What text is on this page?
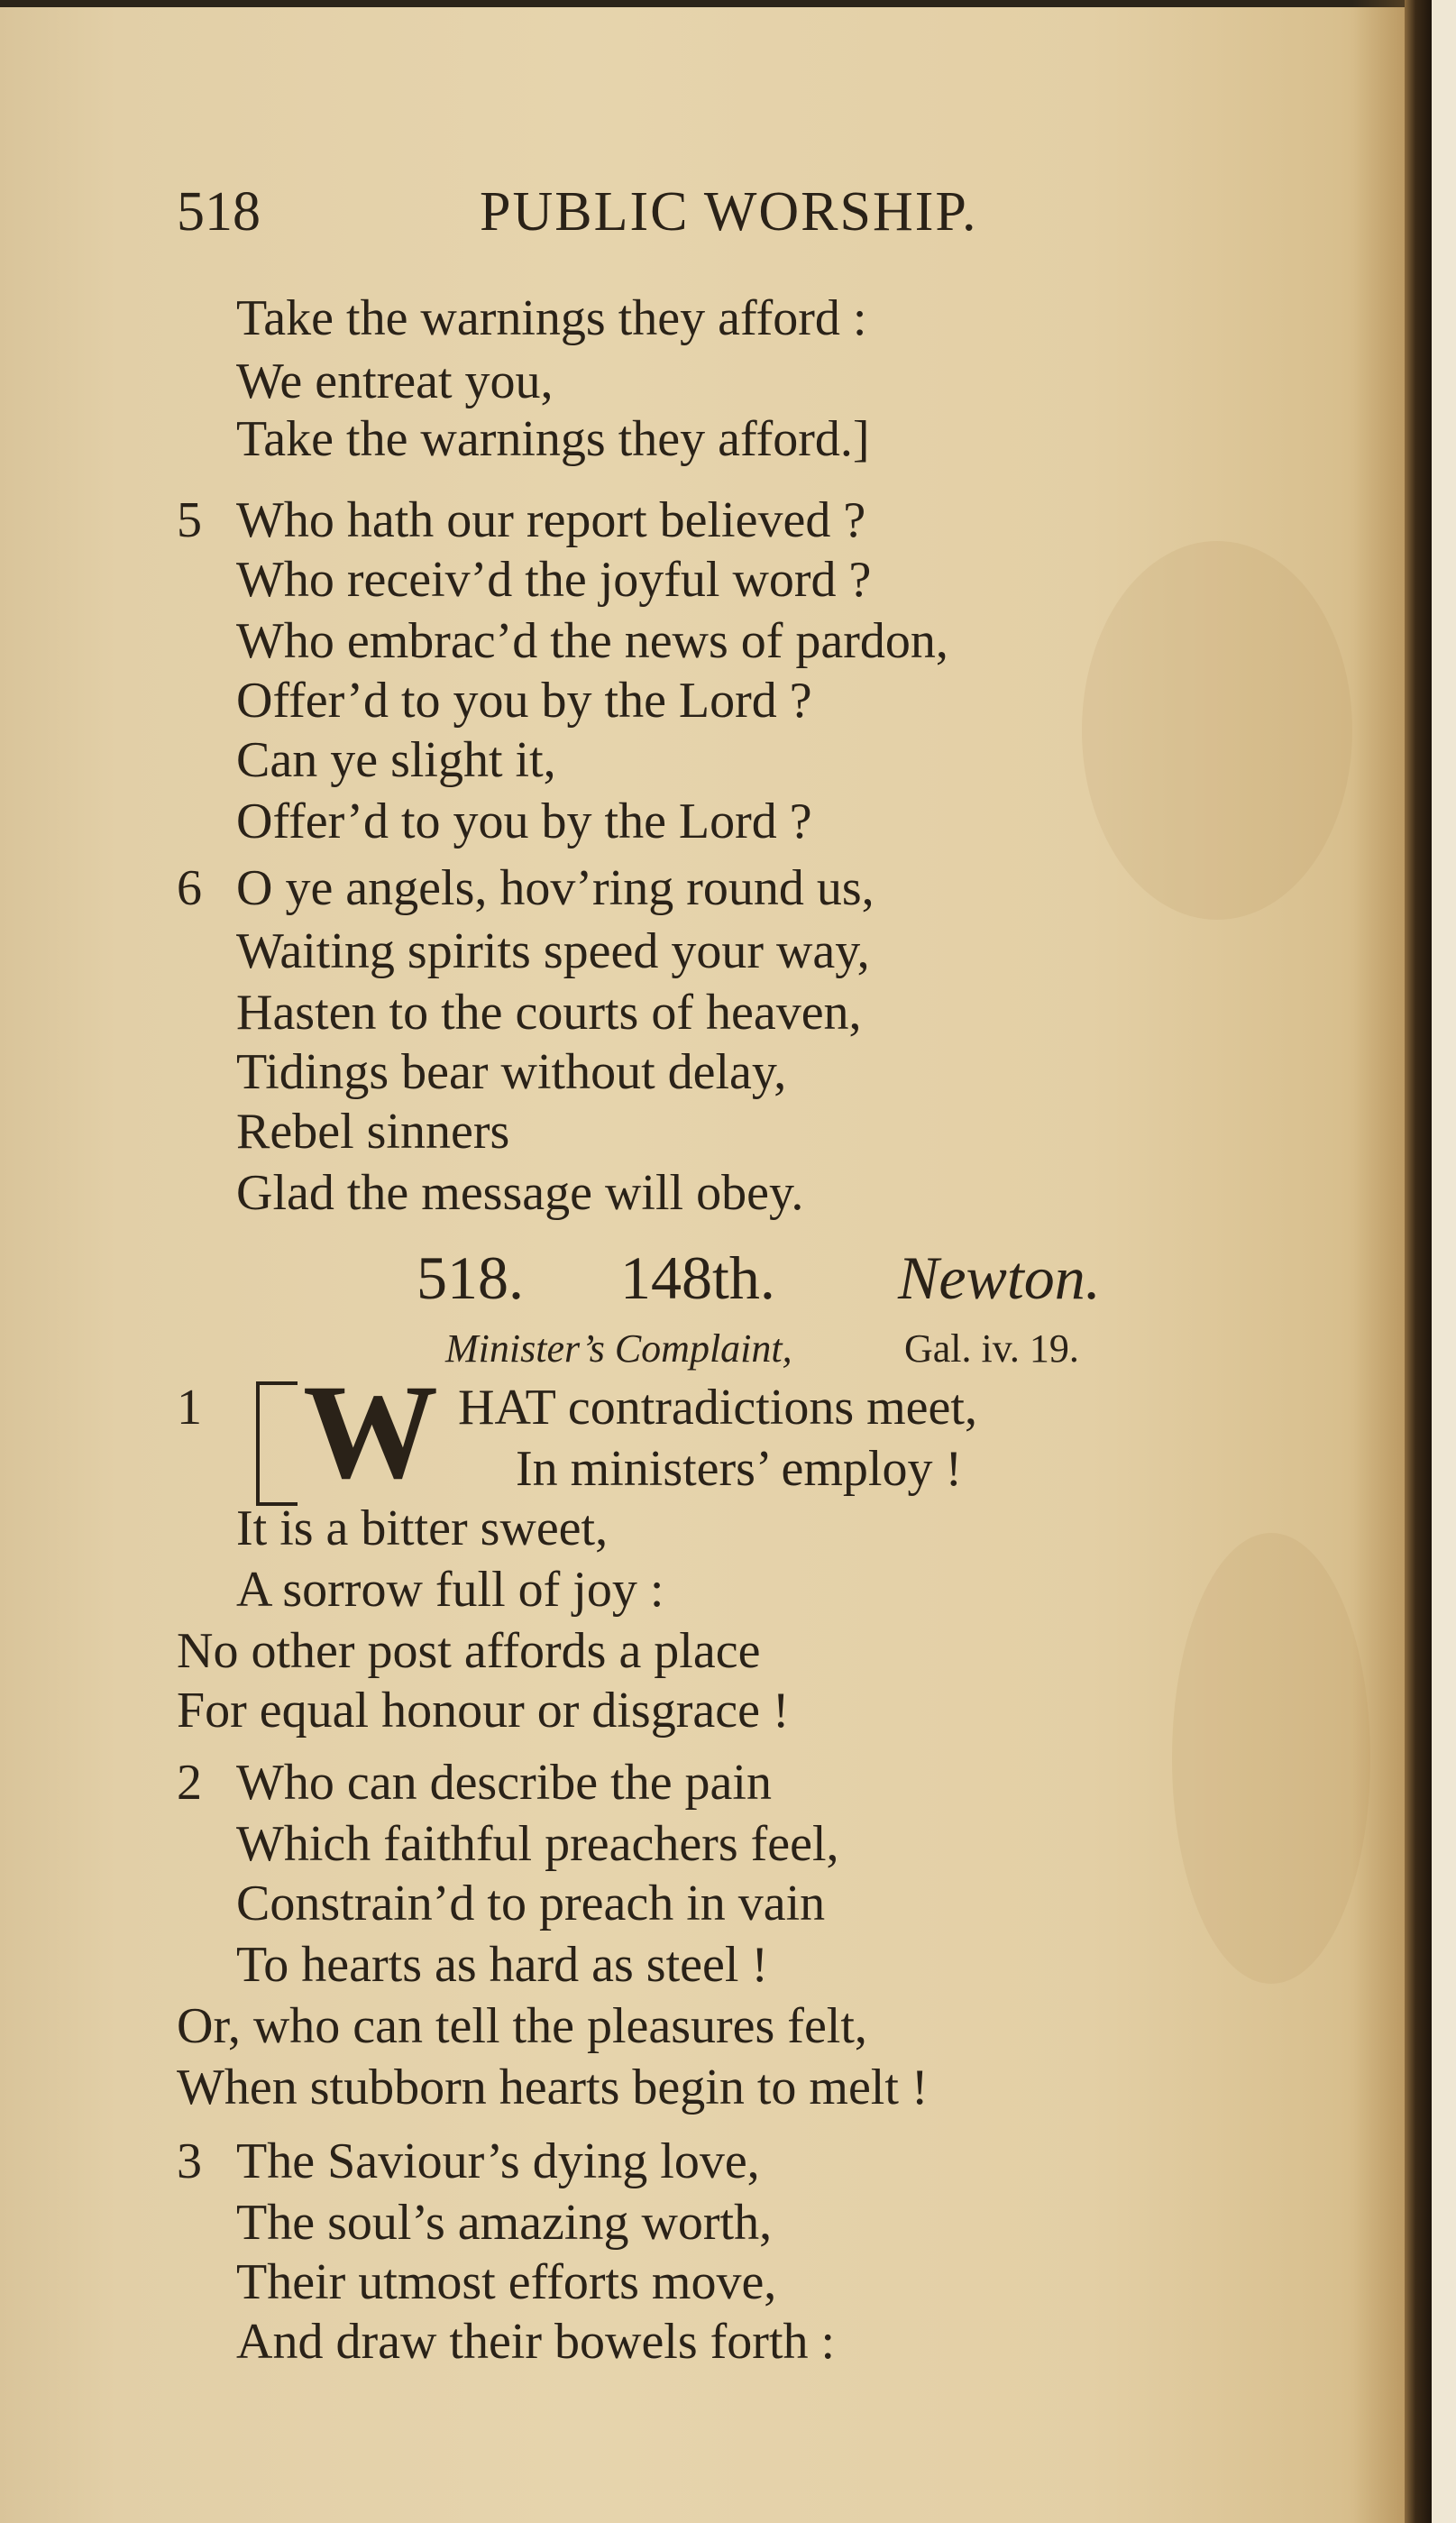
518	PUBLIC WORSHIP.
Take the warnings they afford :
We entreat you,
Take the warnings they afford.]
5 Who hath our report believed ?
Who receiv’d the joyful word ?
Who embrac’d the news of pardon,
Offer’d to you by the Lord ?
Can ye slight it,
Offer’d to you by the Lord ?
6 O ye angels, hov’ring round us,
Waiting spirits speed your way,
Hasten to the courts of heaven,
Tidings bear without delay,
Rebel sinners
Glad the message will obey.
518. 148th. Newton.
Minister’s Complaint,	Gal. iv. 19.
1 W HAT contradictions meet,
In ministers’ employ !
It is a bitter sweet,
A sorrow full of joy :
No other post affords a place
For equal honour or disgrace !
2 Who can describe the pain
Which faithful preachers feel,
Constrain’d to preach in vain
To hearts as hard as steel !
Or, who can tell the pleasures felt,
When stubborn hearts begin to melt !
3 The Saviour’s dying love,
The soul’s amazing worth,
Their utmost efforts move,
And draw their bowels forth :
